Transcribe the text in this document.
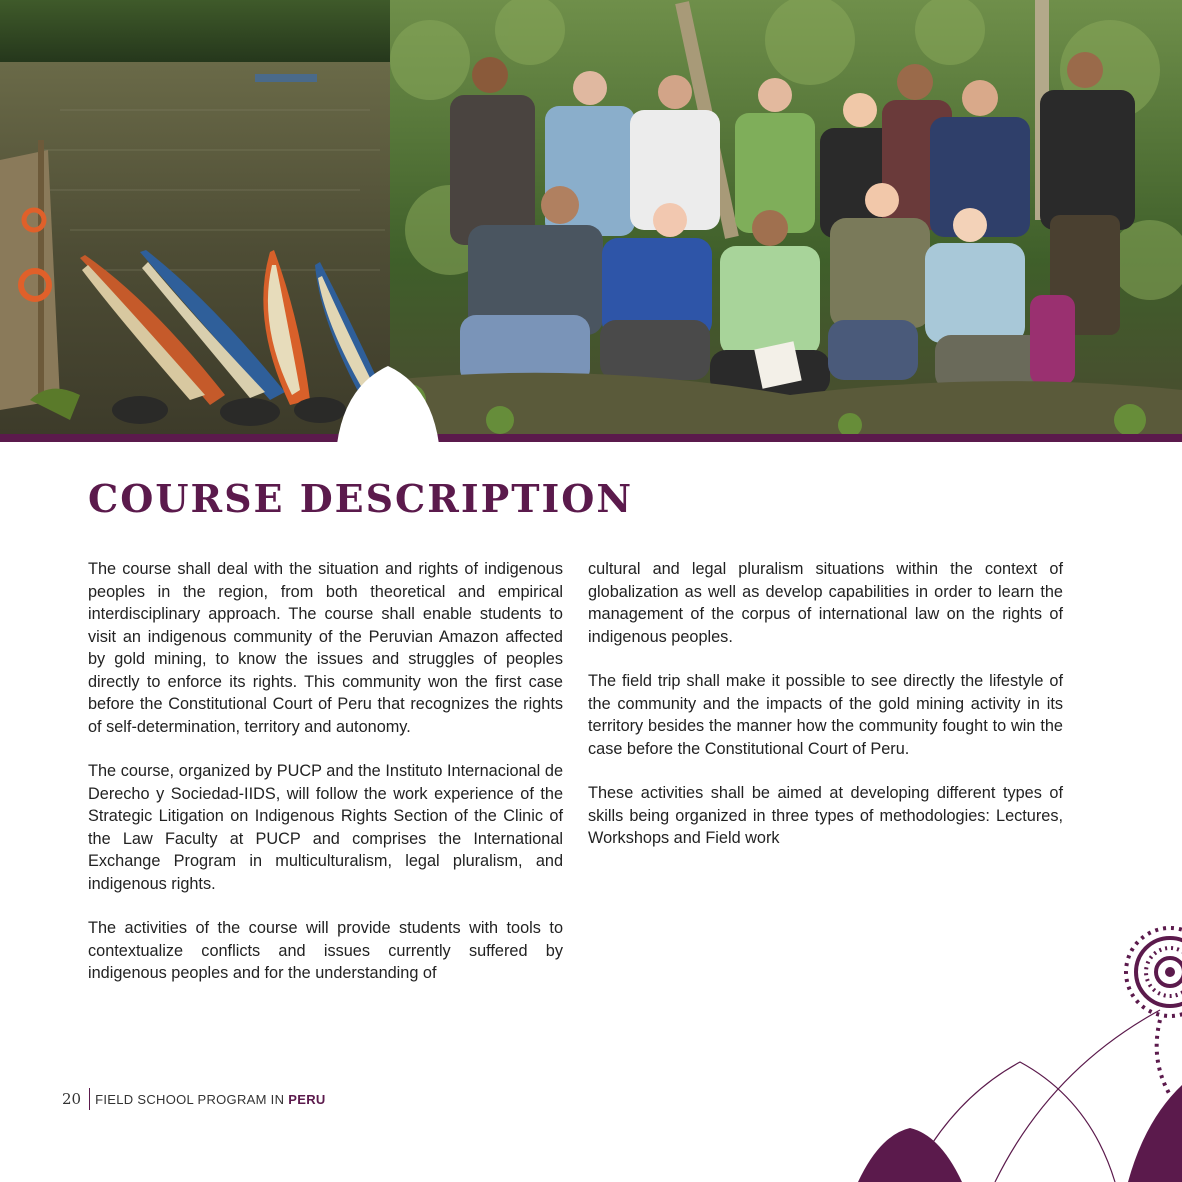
COURSE DESCRIPTION

The course shall deal with the situation and rights of indigenous peoples in the region, from both theoretical and empirical interdisciplinary approach. The course shall enable students to visit an indigenous community of the Peruvian Amazon affected by gold mining, to know the issues and struggles of peoples directly to enforce its rights. This community won the first case before the Constitutional Court of Peru that recognizes the rights of self-determination, territory and autonomy.

The course, organized by PUCP and the Instituto Internacional de Derecho y Sociedad-IIDS, will follow the work experience of the Strategic Litigation on Indigenous Rights Section of the Clinic of the Law Faculty at PUCP and comprises the International Exchange Program in multiculturalism, legal pluralism, and indigenous rights.

The activities of the course will provide students with tools to contextualize conflicts and issues currently suffered by indigenous peoples and for the understanding of

cultural and legal pluralism situations within the context of globalization as well as develop capabilities in order to learn the management of the corpus of international law on the rights of indigenous peoples.

The field trip shall make it possible to see directly the lifestyle of the community and the impacts of the gold mining activity in its territory besides the manner how the community fought to win the case before the Constitutional Court of Peru.

These activities shall be aimed at developing different types of skills being organized in three types of methodologies: Lectures, Workshops and Field work

20 FIELD SCHOOL PROGRAM IN PERU
